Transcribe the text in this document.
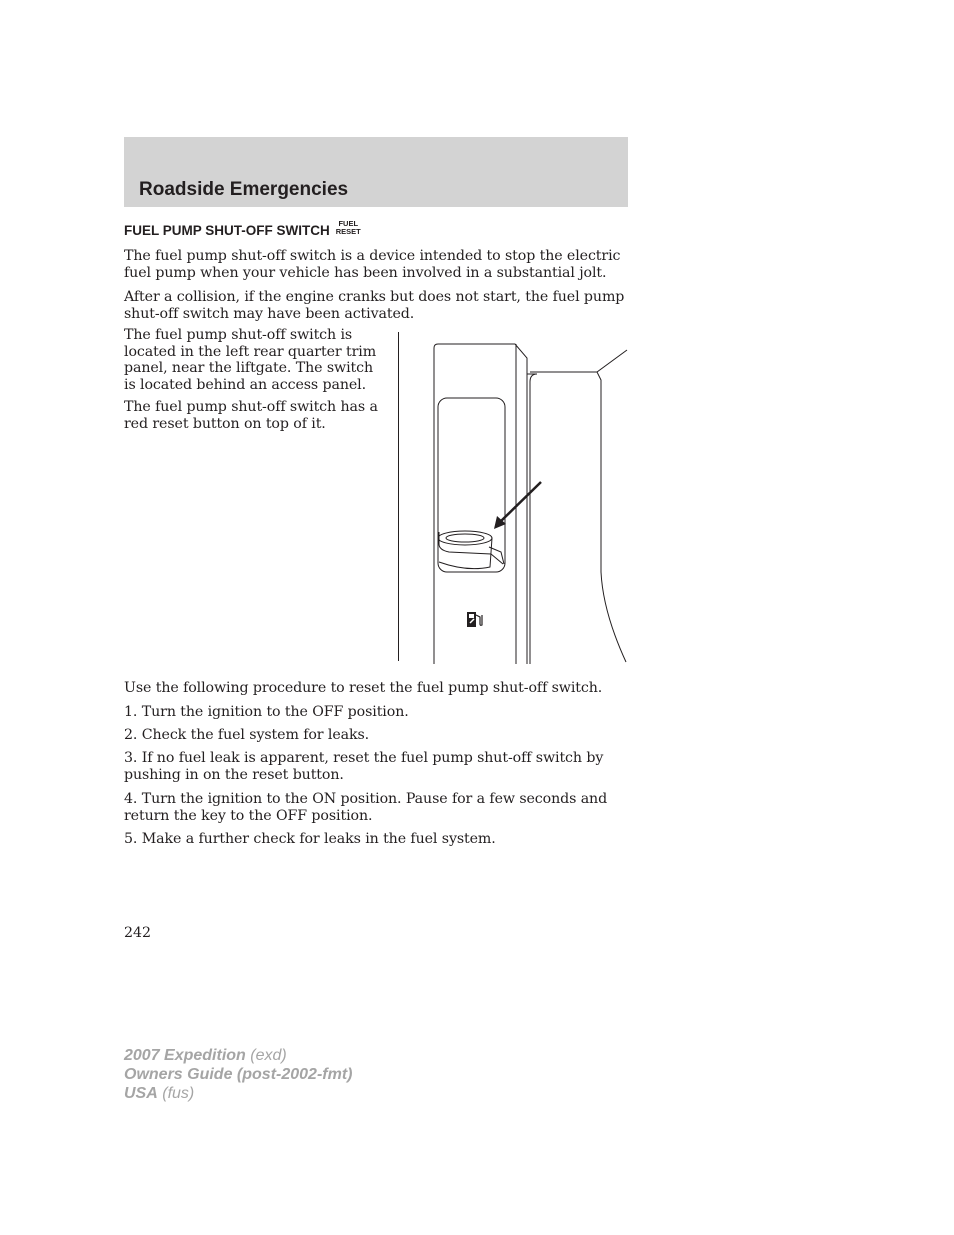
Roadside Emergencies
FUEL PUMP SHUT-OFF SWITCH	FUEL
RESET

The fuel pump shut-off switch is a device intended to stop the electric
fuel pump when your vehicle has been involved in a substantial jolt.

After a collision, if the engine cranks but does not start, the fuel pump
shut-off switch may have been activated.

The fuel pump shut-off switch is
located in the left rear quarter trim
panel, near the liftgate. The switch
is located behind an access panel.

The fuel pump shut-off switch has a
red reset button on top of it.

Use the following procedure to reset the fuel pump shut-off switch.

1. Turn the ignition to the OFF position.

2. Check the fuel system for leaks.

3. If no fuel leak is apparent, reset the fuel pump shut-off switch by
pushing in on the reset button.

4. Turn the ignition to the ON position. Pause for a few seconds and
return the key to the OFF position.

5. Make a further check for leaks in the fuel system.

242

2007 Expedition (exd)
Owners Guide (post-2002-fmt)
USA (fus)
